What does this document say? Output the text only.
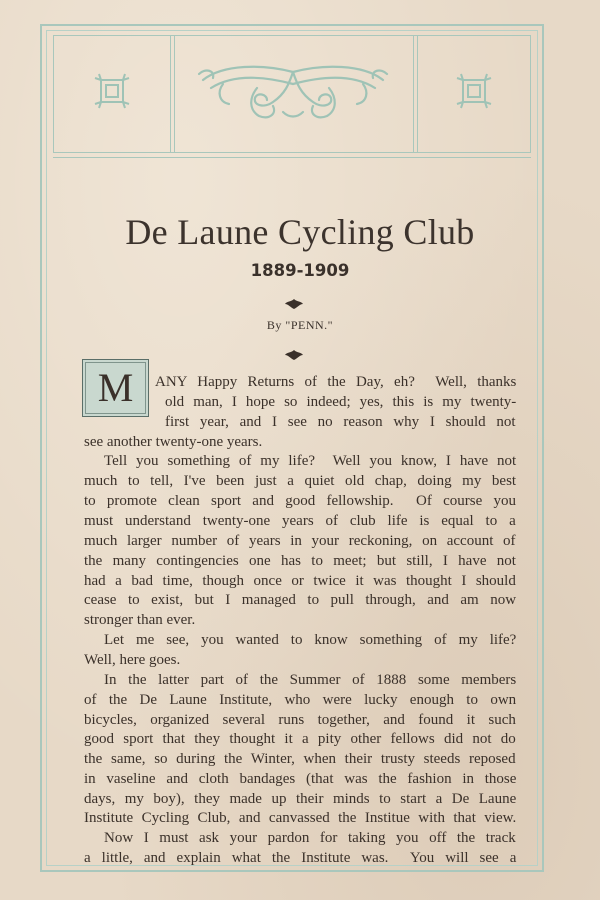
De Laune Cycling Club
1889-1909
By "PENN."
M	ANY Happy Returns of the Day, eh?  Well, thanks
old man, I hope so indeed; yes, this is my twenty-
first year, and I see no reason why I should not
see another twenty-one years.
Tell you something of my life?  Well you know, I have not
much to tell, I've been just a quiet old chap, doing my best
to promote clean sport and good fellowship.  Of course you
must understand twenty-one years of club life is equal to a
much larger number of years in your reckoning, on account of
the many contingencies one has to meet; but still, I have not
had a bad time, though once or twice it was thought I should
cease to exist, but I managed to pull through, and am now
stronger than ever.
Let me see, you wanted to know something of my life?
Well, here goes.
In the latter part of the Summer of 1888 some members
of the De Laune Institute, who were lucky enough to own
bicycles, organized several runs together, and found it such
good sport that they thought it a pity other fellows did not do
the same, so during the Winter, when their trusty steeds reposed
in vaseline and cloth bandages (that was the fashion in those
days, my boy), they made up their minds to start a De Laune
Institute Cycling Club, and canvassed the Institue with that view.
Now I must ask your pardon for taking you off the track
a little, and explain what the Institute was.  You will see a
